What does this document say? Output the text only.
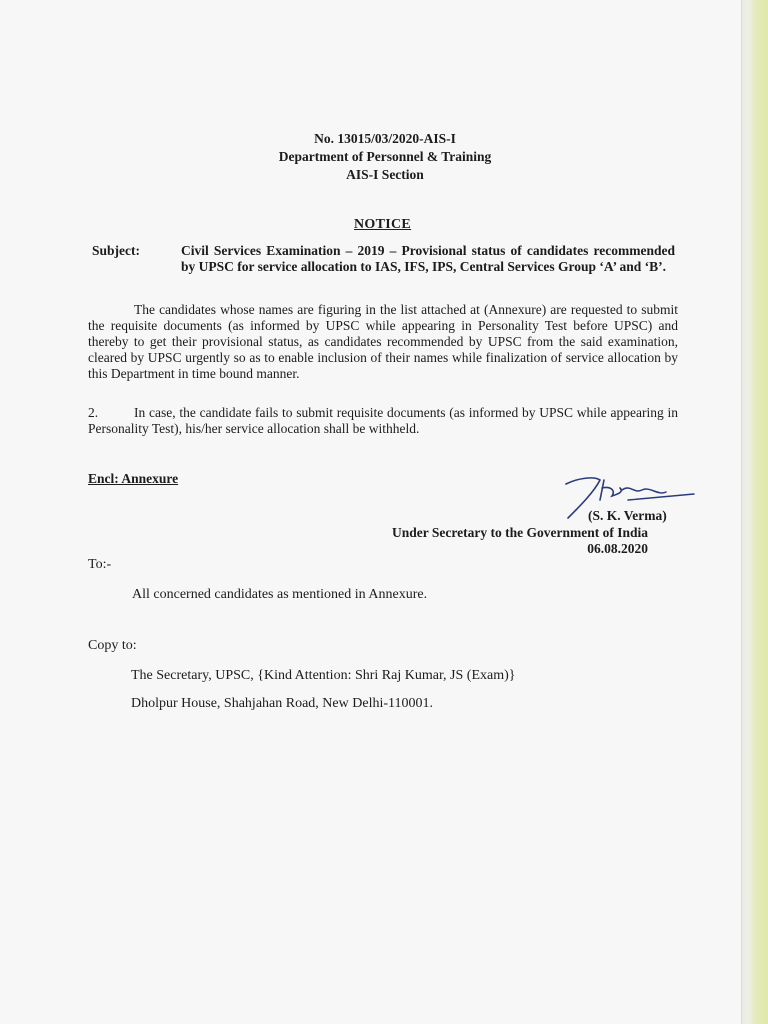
No. 13015/03/2020-AIS-I
Department of Personnel & Training
AIS-I Section
NOTICE
Subject:	Civil Services Examination – 2019 – Provisional status of candidates recommended by UPSC for service allocation to IAS, IFS, IPS, Central Services Group ‘A’ and ‘B’.
The candidates whose names are figuring in the list attached at (Annexure) are requested to submit the requisite documents (as informed by UPSC while appearing in Personality Test before UPSC) and thereby to get their provisional status, as candidates recommended by UPSC from the said examination, cleared by UPSC urgently so as to enable inclusion of their names while finalization of service allocation by this Department in time bound manner.
2.	In case, the candidate fails to submit requisite documents (as informed by UPSC while appearing in Personality Test), his/her service allocation shall be withheld.
Encl: Annexure
(S. K. Verma)
Under Secretary to the Government of India
06.08.2020
To:-
All concerned candidates as mentioned in Annexure.
Copy to:
The Secretary, UPSC, {Kind Attention: Shri Raj Kumar, JS (Exam)}
Dholpur House, Shahjahan Road, New Delhi-110001.
